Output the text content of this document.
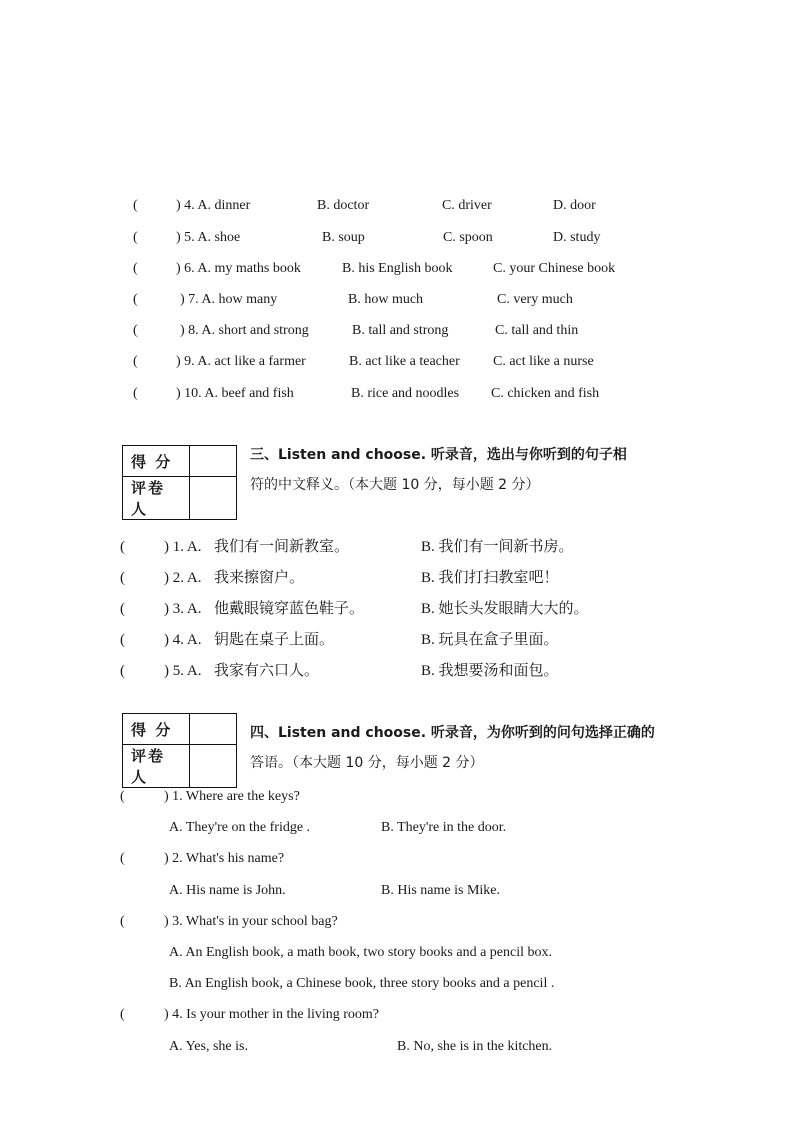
(	) 4. A. dinner	B. doctor	C. driver	D. door
(	) 5. A. shoe	B. soup	C. spoon	D. study
(	) 6. A. my maths book	B. his English book	C. your Chinese book
(	) 7. A. how many	B. how much	C. very much
(	) 8. A. short and strong	B. tall and strong	C. tall and thin
(	) 9. A. act like a farmer	B. act like a teacher C. act like a nurse
(	) 10. A. beef and fish	B. rice and noodles C. chicken and fish
得 分	
评卷人	
三、Listen and choose. 听录音，选出与你听到的句子相
符的中文释义。（本大题 10 分，每小题 2 分）
(	) 1. A. 我们有一间新教室。	B. 我们有一间新书房。
(	) 2. A. 我来擦窗户。	B. 我们打扫教室吧！
(	) 3. A. 他戴眼镜穿蓝色鞋子。	B. 她长头发眼睛大大的。
(	) 4. A. 钥匙在桌子上面。	B. 玩具在盒子里面。
(	) 5. A. 我家有六口人。	B. 我想要汤和面包。
得 分	
评卷人	
四、Listen and choose. 听录音，为你听到的问句选择正确的
答语。（本大题 10 分，每小题 2 分）
(	) 1. Where are the keys?
A. They're on the fridge .	B. They're in the door.
(	) 2. What's his name?
A. His name is John.	B. His name is Mike.
(	) 3. What's in your school bag?
A. An English book, a math book, two story books and a pencil box.
B. An English book, a Chinese book, three story books and a pencil .
(	) 4. Is your mother in the living room?
A. Yes, she is.	B. No, she is in the kitchen.
